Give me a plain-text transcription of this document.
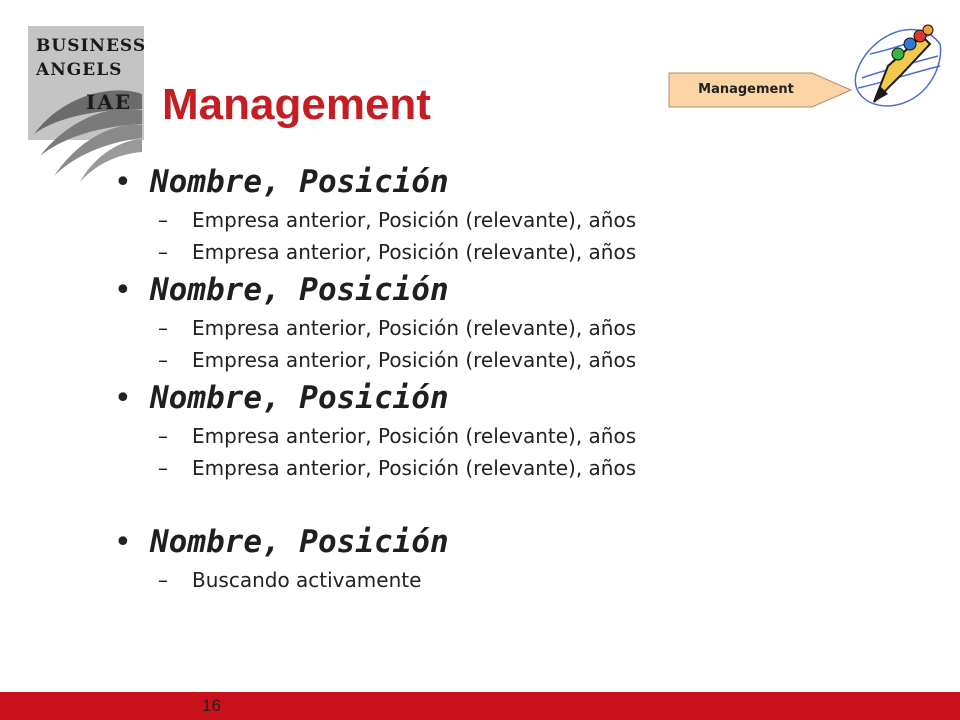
BUSINESS
ANGELS
IAE Management	Management
• Nombre, Posición
–	Empresa anterior, Posición (relevante), años
–	Empresa anterior, Posición (relevante), años
• Nombre, Posición
–	Empresa anterior, Posición (relevante), años
–	Empresa anterior, Posición (relevante), años
• Nombre, Posición
–	Empresa anterior, Posición (relevante), años
–	Empresa anterior, Posición (relevante), años
• Nombre, Posición
–	Buscando activamente
16
